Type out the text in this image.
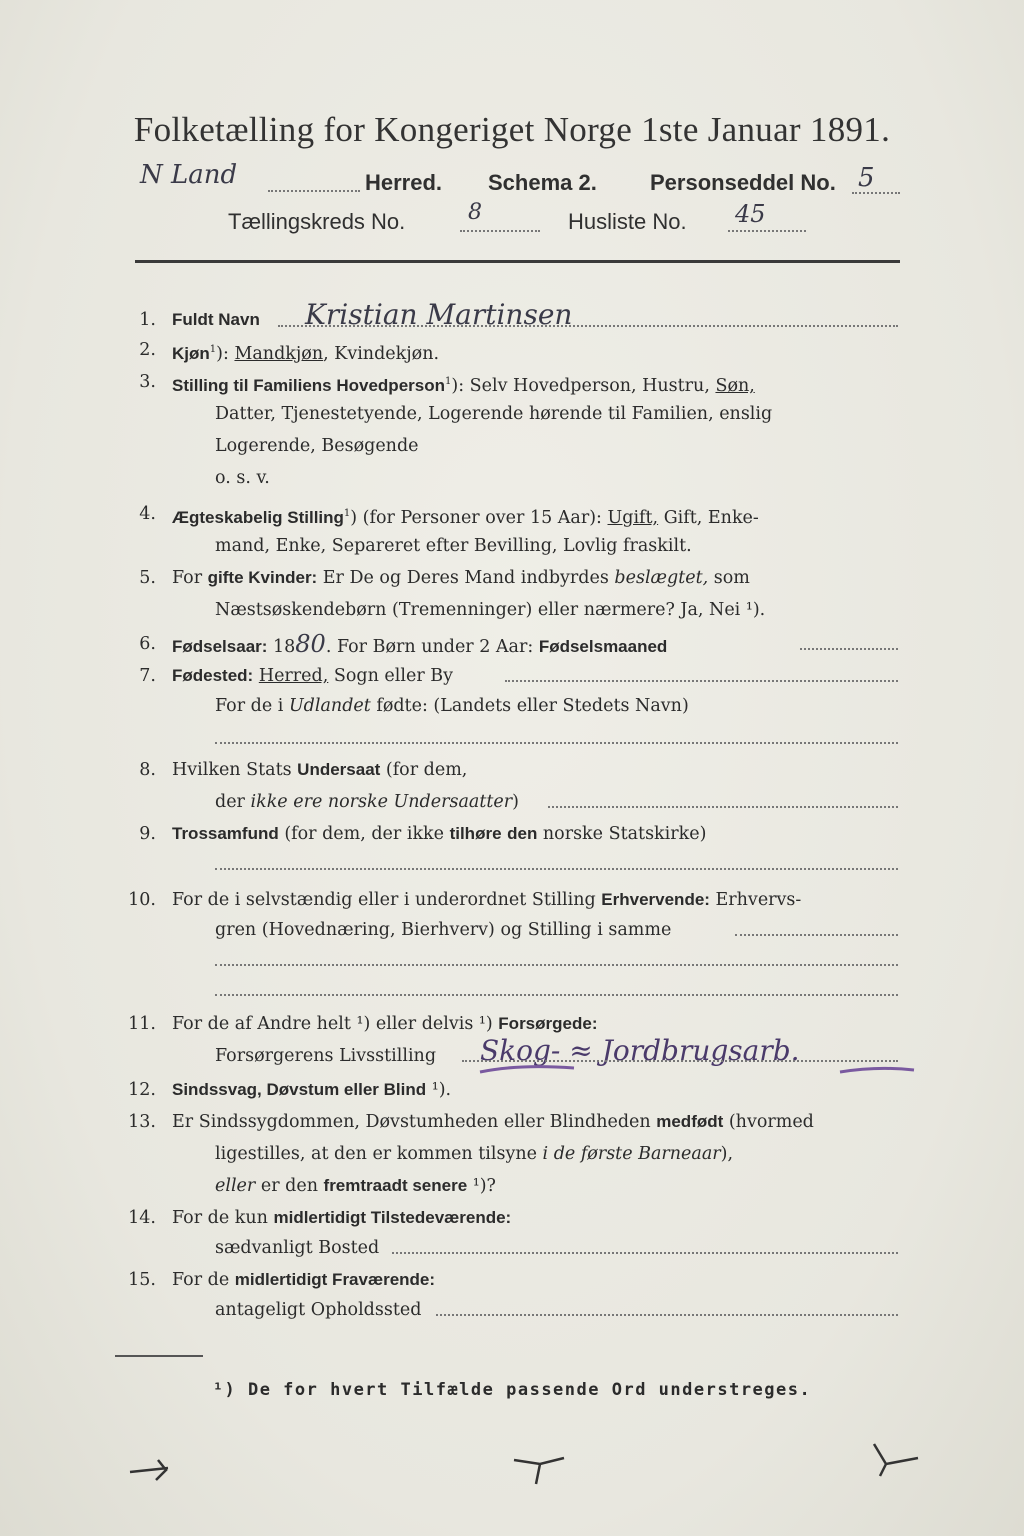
Folketælling for Kongeriget Norge 1ste Januar 1891.
N Land	Herred. Schema 2. Personseddel No. 5
Tællingskreds No.	8	Husliste No. 45
1. Fuldt Navn Kristian Martinsen
2. Kjøn$^1$): Mandkjøn, Kvindekjøn.
3. Stilling til Familiens Hovedperson$^1$): Selv Hovedperson, Hustru, Søn,
Datter, Tjenestetyende, Logerende hørende til Familien, enslig
Logerende, Besøgende
o. s. v.
4. Ægteskabelig Stilling$^1$) (for Personer over 15 Aar): Ugift, Gift, Enke-
mand, Enke, Separeret efter Bevilling, Lovlig fraskilt.
5. For gifte Kvinder: Er De og Deres Mand indbyrdes beslægtet, som
Næstsøskendebørn (Tremenninger) eller nærmere? Ja, Nei ¹).
6. Fødselsaar: 1880. For Børn under 2 Aar: Fødselsmaaned
7. Fødested: Herred, Sogn eller By
For de i Udlandet fødte: (Landets eller Stedets Navn)
8. Hvilken Stats Undersaat (for dem,
der ikke ere norske Undersaatter)
9. Trossamfund (for dem, der ikke tilhøre den norske Statskirke)
10. For de i selvstændig eller i underordnet Stilling Erhvervende: Erhvervs-
gren (Hovednæring, Bierhverv) og Stilling i samme
11. For de af Andre helt ¹) eller delvis ¹) Forsørgede:
Forsørgerens Livsstilling Skog- ≈ Jordbrugsarb.
12. Sindssvag, Døvstum eller Blind ¹).
13. Er Sindssygdommen, Døvstumheden eller Blindheden medfødt (hvormed
ligestilles, at den er kommen tilsyne i de første Barneaar),
eller er den fremtraadt senere ¹)?
14. For de kun midlertidigt Tilstedeværende:
sædvanligt Bosted
15. For de midlertidigt Fraværende:
antageligt Opholdssted
¹) De for hvert Tilfælde passende Ord understreges.
